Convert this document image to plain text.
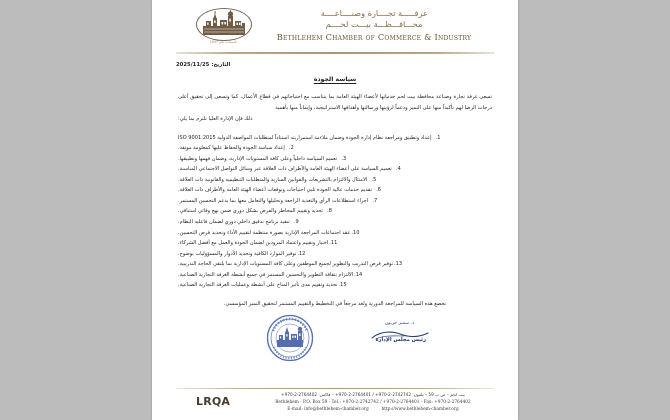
تأسست عام 1947
غرفـــــة تجــــارة وصنــــاعــــة
محـــافـــظـــة بيـــت لحــــم
Bethlehem Chamber of Commerce & Industry
التاريخ:2025/11/25
سياسة الجودة
تسعى غرفة تجارة وصناعة محافظة بيت لحم خدماتها لأعضاء الهيئة العامة بما يتناسب مع احتياجاتهم في قطاع الأعمال، كما وتسعى إلى تحقيق أعلى درجات الرضا لهم تأكيداً منها على التميز ودعماً لرؤيتها ورسالتها وأهدافها الاستراتيجية، وإيماناً منها بأهمية
ذلك فإن الإدارة العليا تلتزم بما يلي:
1.إعداد وتطبيق ومراجعة نظام إدارة الجودة وضمان ملاءمة استمراريته استناداً لمتطلبات المواصفة الدولية ISO 9001:2015
2.إعداد سياسة الجودة والحفاظ عليها كمعلومة موثقة.
3.تعميم السياسة داخلياً وعلى كافة المستويات الإدارية، وضمان فهمها وتطبيقها.
4.تعميم السياسة على أعضاء الهيئة العامة والأطراف ذات العلاقة عبر وسائل التواصل الاجتماعي المناسبة.
5.الامتثال والالتزام بالتشريعات والقوانين السارية والمتطلبات التنظيمية والقانونية ذات العلاقة.
6.تقديم خدمات عالية الجودة تلبي احتياجات وتوقعات أعضاء الهيئة العامة والأطراف ذات العلاقة.
7.اجراء استطلاعات الرأي والتغذية الراجعة وتحليلها والتعامل معها بما يدعم التحسين المستمر.
8.تحديد وتقييم المخاطر والفرص بشكل دوري ضمن نهج وقائي استباقي.
9.تنفيذ برنامج تدقيق داخلي دوري لضمان فاعلية النظام.
10.عقد اجتماعات المراجعة الإدارية بصورة منتظمة لتقييم الأداء وتحديد فرص التحسين.
11.اختيار وتقييم واعتماد المزودين لضمان الجودة والعمل مع أفضل الشركاء.
12.توفير الموارد الكافية وتحديد الأدوار والمسؤوليات بوضوح.
13.توفير فرص التدريب والتطوير لجميع الموظفين وعلى كافة المستويات الإدارية بما يلتقي الحاجة التدريبية.
14.الالتزام بثقافة التطوير والتحسين المستمر في جميع أنشطة الغرفة التجارية الصناعية.
15.تحديد وتقييم مدى تأثير المناخ على أنشطة وعمليات الغرفة التجارية الصناعية.
تخضع هذه السياسة للمراجعة الدورية وتُعد مرجعاً في التخطيط والتقييم المستمر لتحقيق التميز المؤسسي.
د. سمير حزبون
رئيس مجلس الإدارة
LRQA
بيت لحم – ص ب 59 – تلفون: 2742742-2-970+ / 2764401-2-970+ – فاكس: 2764402-2-970+
Bethlehem - P.O. Box 59 - Tel.: +970-2-2742742 / +970-2-2764401 - Fax: +970-2-2764402
E-mail: info@bethlehem-chamber.org	http://www.bethlehem-chamber.org
